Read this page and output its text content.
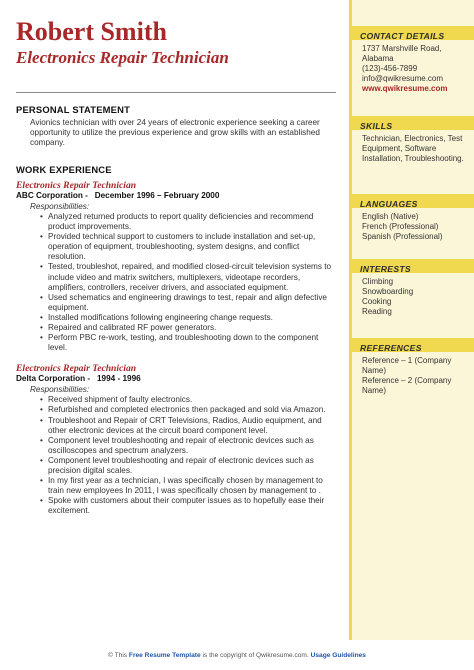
Robert Smith
Electronics Repair Technician
PERSONAL STATEMENT
Avionics technician with over 24 years of electronic experience seeking a career opportunity to utilize the previous experience and grow skills with an established company.
WORK EXPERIENCE
Electronics Repair Technician
ABC Corporation - December 1996 – February 2000
Responsibilities:
• Analyzed returned products to report quality deficiencies and recommend product improvements.
• Provided technical support to customers to include installation and set-up, operation of equipment, troubleshooting, system designs, and conflict resolution.
• Tested, troubleshot, repaired, and modified closed-circuit television systems to include video and matrix switchers, multiplexers, videotape recorders, amplifiers, controllers, receiver drivers, and associated equipment.
• Used schematics and engineering drawings to test, repair and align defective equipment.
• Installed modifications following engineering change requests.
• Repaired and calibrated RF power generators.
• Perform PBC re-work, testing, and troubleshooting down to the component level.
Electronics Repair Technician
Delta Corporation - 1994 - 1996
Responsibilities:
• Received shipment of faulty electronics.
• Refurbished and completed electronics then packaged and sold via Amazon.
• Troubleshoot and Repair of CRT Televisions, Radios, Audio equipment, and other electronic devices at the circuit board component level.
• Component level troubleshooting and repair of electronic devices such as oscilloscopes and spectrum analyzers.
• Component level troubleshooting and repair of electronic devices such as precision digital scales.
• In my first year as a technician, I was specifically chosen by management to train new employees In 2011, I was specifically chosen by management to .
• Spoke with customers about their computer issues as to hopefully ease their excitement.
CONTACT DETAILS
1737 Marshville Road,
Alabama
(123)-456-7899
info@qwikresume.com
www.qwikresume.com
SKILLS
Technician, Electronics, Test Equipment, Software Installation, Troubleshooting.
LANGUAGES
English (Native)
French (Professional)
Spanish (Professional)
INTERESTS
Climbing
Snowboarding
Cooking
Reading
REFERENCES
Reference – 1 (Company Name)
Reference – 2 (Company Name)
© This Free Resume Template is the copyright of Qwikresume.com. Usage Guidelines
